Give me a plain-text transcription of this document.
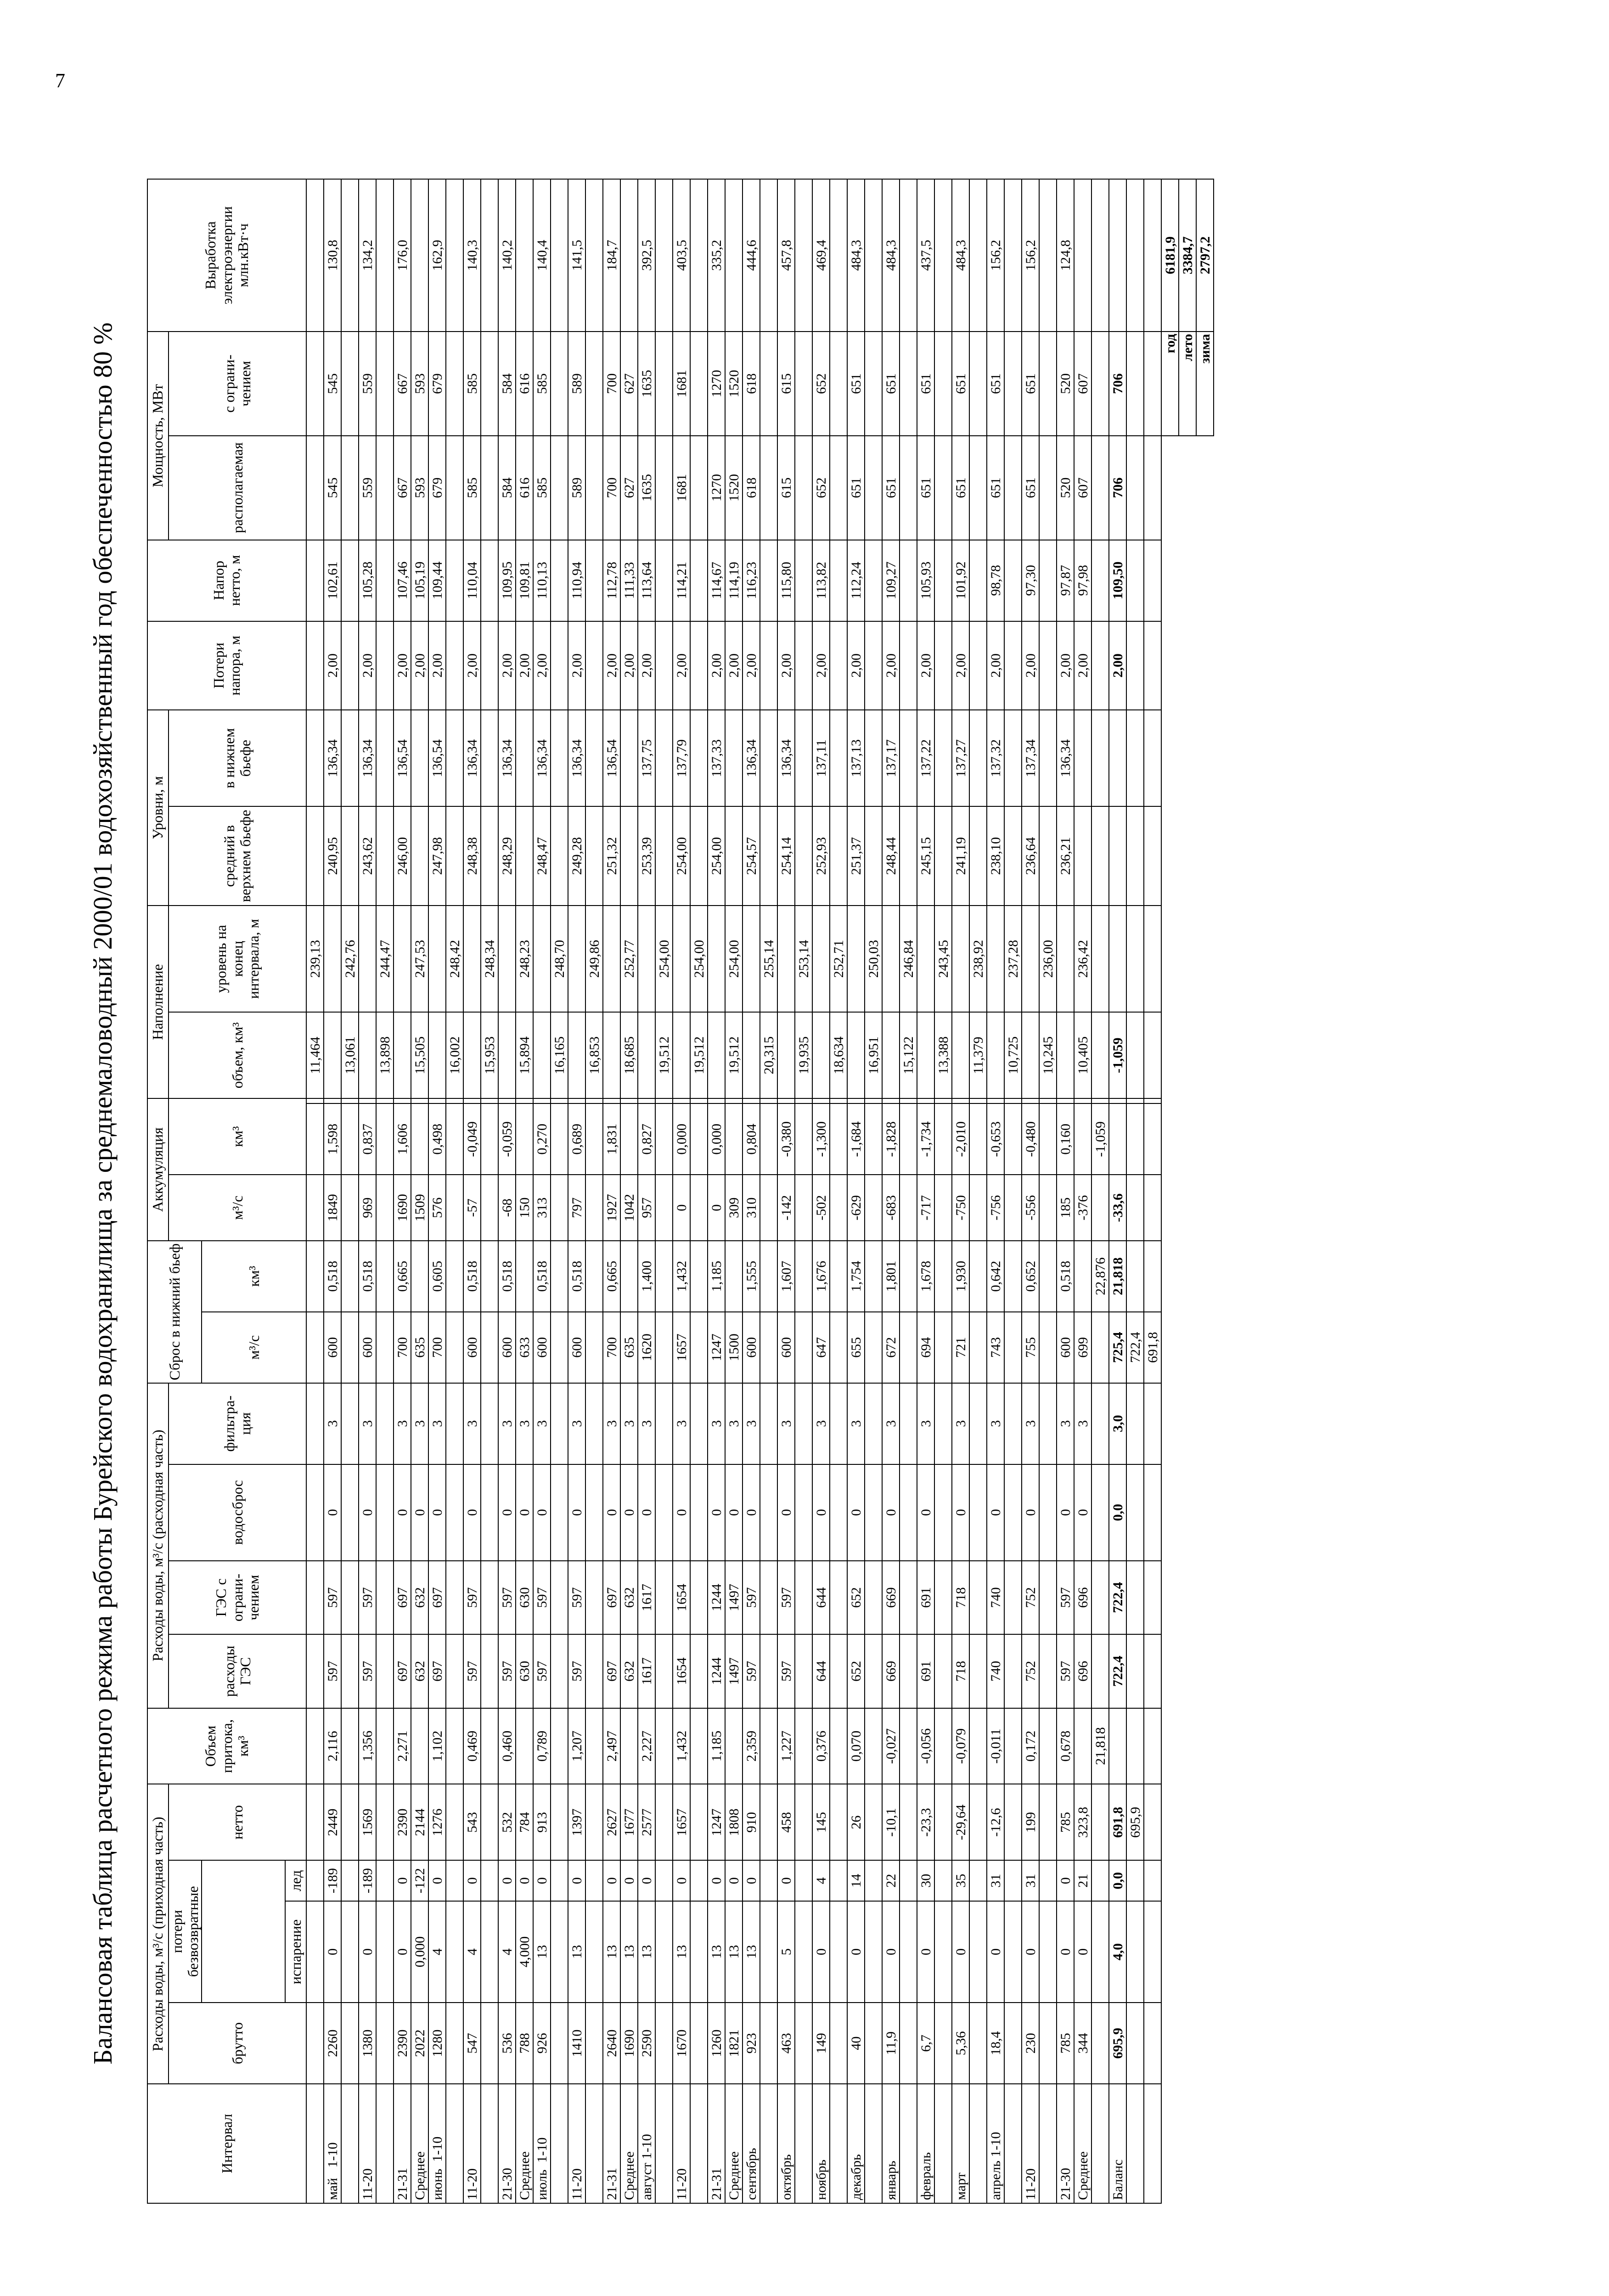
7
Балансовая таблица расчетного режима работы Бурейского водохранилища за среднемаловодный 2000/01 водохозяйственный год обеспеченностью 80 %
Интервал	Расходы воды, м³/с (приходная часть)				Объем притока, км³	Расходы воды, м³/с (расходная часть)				Сброс в нижний бьеф		Аккумуляция			Наполнение		Уровни, м		Потери напора, м	Напор нетто, м	Мощность, МВт		Выработка электроэнергии млн.кВт·ч
	брутто	потери безвозвратные		нетто		расходы ГЭС	ГЭС с ограни-чением	водосброс	фильтра-ция			м³/с	км³		объем, км³	уровень на конец интервала, м	средний в верхнем бьефе	в нижнем бьефе			располагаемая	с ограни-чением	
										м³/с	км³												
		испарение	лед																				
															11,464	239,13							
май   1-10	2260	0	-189	2449	2,116	597	597	0	3	600	0,518	1849	1,598				240,95	136,34	2,00	102,61	545	545	130,8
															13,061	242,76							
11-20	1380	0	-189	1569	1,356	597	597	0	3	600	0,518	969	0,837				243,62	136,34	2,00	105,28	559	559	134,2
															13,898	244,47							
21-31	2390	0	0	2390	2,271	697	697	0	3	700	0,665	1690	1,606				246,00	136,54	2,00	107,46	667	667	176,0
Среднее	2022	0,000	-122	2144		632	632	0	3	635		1509			15,505	247,53			2,00	105,19	593	593	
июнь  1-10	1280	4	0	1276	1,102	697	697	0	3	700	0,605	576	0,498				247,98	136,54	2,00	109,44	679	679	162,9
															16,002	248,42							
11-20	547	4	0	543	0,469	597	597	0	3	600	0,518	-57	-0,049				248,38	136,34	2,00	110,04	585	585	140,3
															15,953	248,34							
21-30	536	4	0	532	0,460	597	597	0	3	600	0,518	-68	-0,059				248,29	136,34	2,00	109,95	584	584	140,2
Среднее	788	4,000	0	784		630	630	0	3	633		150			15,894	248,23			2,00	109,81	616	616	
июль  1-10	926	13	0	913	0,789	597	597	0	3	600	0,518	313	0,270				248,47	136,34	2,00	110,13	585	585	140,4
															16,165	248,70							
11-20	1410	13	0	1397	1,207	597	597	0	3	600	0,518	797	0,689				249,28	136,34	2,00	110,94	589	589	141,5
															16,853	249,86							
21-31	2640	13	0	2627	2,497	697	697	0	3	700	0,665	1927	1,831				251,32	136,54	2,00	112,78	700	700	184,7
Среднее	1690	13	0	1677		632	632	0	3	635		1042			18,685	252,77			2,00	111,33	627	627	
август 1-10	2590	13	0	2577	2,227	1617	1617	0	3	1620	1,400	957	0,827				253,39	137,75	2,00	113,64	1635	1635	392,5
															19,512	254,00							
11-20	1670	13	0	1657	1,432	1654	1654	0	3	1657	1,432	0	0,000				254,00	137,79	2,00	114,21	1681	1681	403,5
															19,512	254,00							
21-31	1260	13	0	1247	1,185	1244	1244	0	3	1247	1,185	0	0,000				254,00	137,33	2,00	114,67	1270	1270	335,2
Среднее	1821	13	0	1808		1497	1497	0	3	1500		309			19,512	254,00			2,00	114,19	1520	1520	
сентябрь	923	13	0	910	2,359	597	597	0	3	600	1,555	310	0,804				254,57	136,34	2,00	116,23	618	618	444,6
															20,315	255,14							
октябрь	463	5	0	458	1,227	597	597	0	3	600	1,607	-142	-0,380				254,14	136,34	2,00	115,80	615	615	457,8
															19,935	253,14							
ноябрь	149	0	4	145	0,376	644	644	0	3	647	1,676	-502	-1,300				252,93	137,11	2,00	113,82	652	652	469,4
															18,634	252,71							
декабрь	40	0	14	26	0,070	652	652	0	3	655	1,754	-629	-1,684				251,37	137,13	2,00	112,24	651	651	484,3
															16,951	250,03							
январь	11,9	0	22	-10,1	-0,027	669	669	0	3	672	1,801	-683	-1,828				248,44	137,17	2,00	109,27	651	651	484,3
															15,122	246,84							
февраль	6,7	0	30	-23,3	-0,056	691	691	0	3	694	1,678	-717	-1,734				245,15	137,22	2,00	105,93	651	651	437,5
															13,388	243,45							
март	5,36	0	35	-29,64	-0,079	718	718	0	3	721	1,930	-750	-2,010				241,19	137,27	2,00	101,92	651	651	484,3
															11,379	238,92							
апрель 1-10	18,4	0	31	-12,6	-0,011	740	740	0	3	743	0,642	-756	-0,653				238,10	137,32	2,00	98,78	651	651	156,2
															10,725	237,28							
11-20	230	0	31	199	0,172	752	752	0	3	755	0,652	-556	-0,480				236,64	137,34	2,00	97,30	651	651	156,2
															10,245	236,00							
21-30	785	0	0	785	0,678	597	597	0	3	600	0,518	185	0,160				236,21	136,34	2,00	97,87	520	520	124,8
Среднее	344	0	21	323,8		696	696	0	3	699		-376			10,405	236,42			2,00	97,98	607	607	
					21,818						22,876		-1,059										
Баланс	695,9	4,0	0,0	691,8		722,4	722,4	0,0	3,0	725,4	21,818	-33,6			-1,059				2,00	109,50	706	706	
				695,9						722,4													
										691,8													
																						год	6181,9
																						лето	3384,7
																						зима	2797,2
